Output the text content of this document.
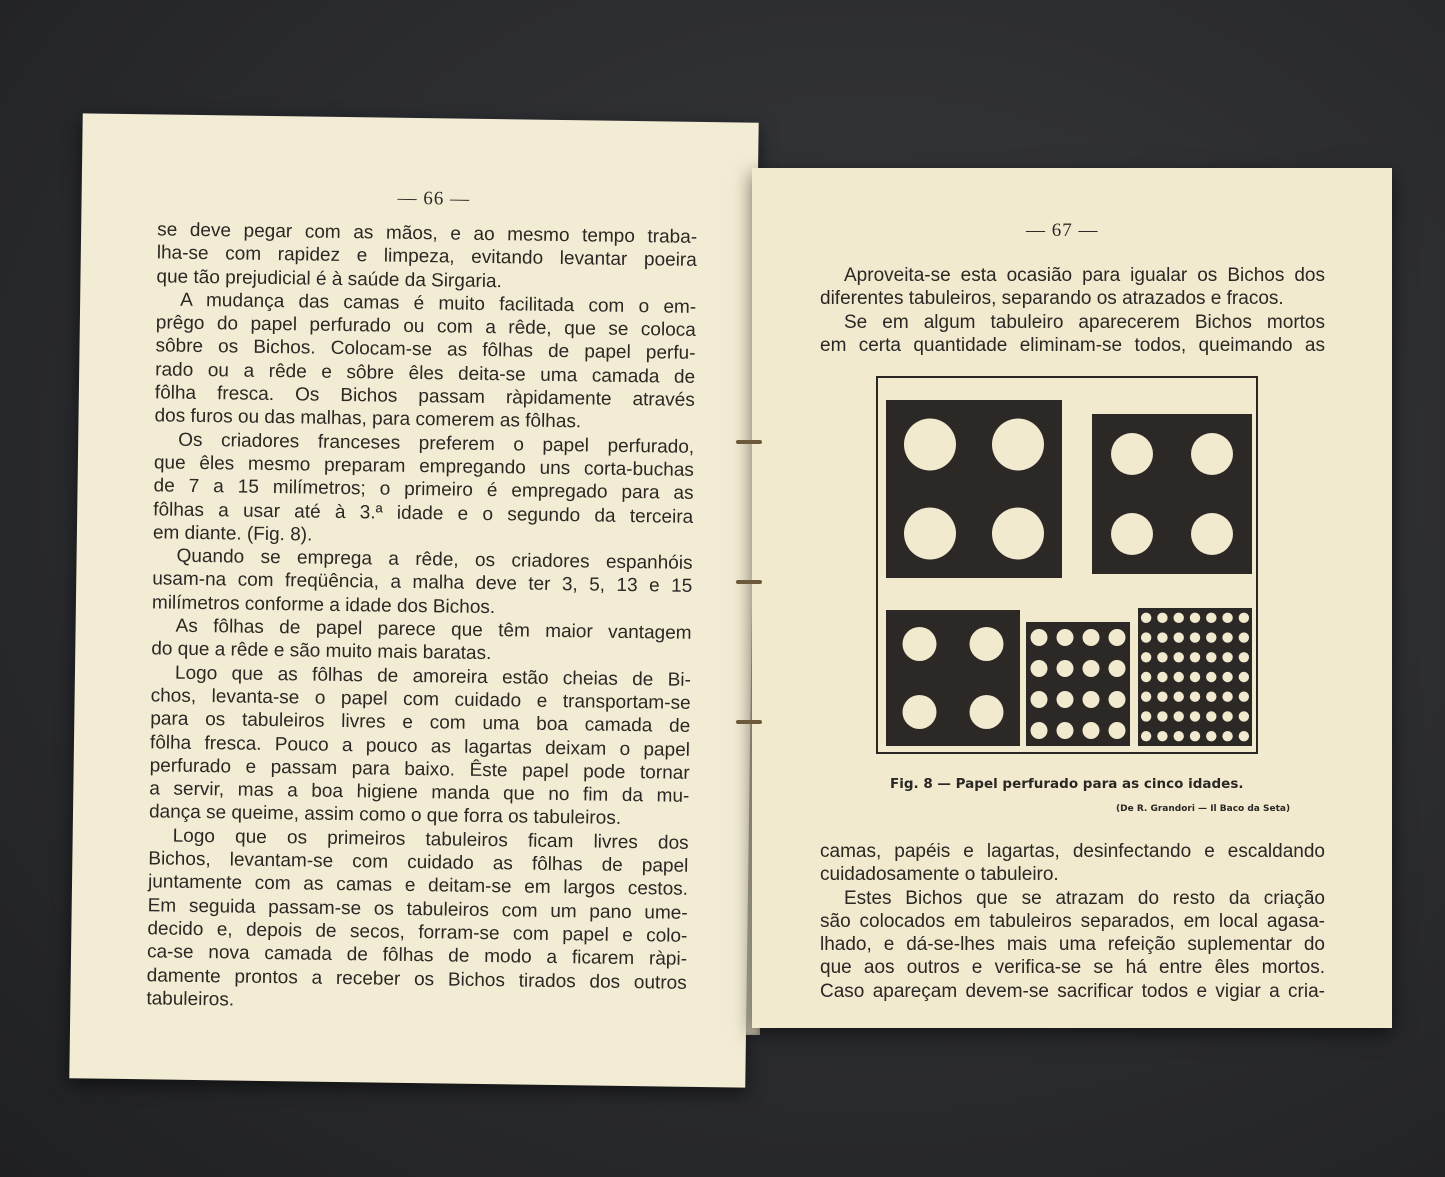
— 66 —
se deve pegar com as mãos, e ao mesmo tempo traba-
lha-se com rapidez e limpeza, evitando levantar poeira
que tão prejudicial é à saúde da Sirgaria.
A mudança das camas é muito facilitada com o em-
prêgo do papel perfurado ou com a rêde, que se coloca
sôbre os Bichos. Colocam-se as fôlhas de papel perfu-
rado ou a rêde e sôbre êles deita-se uma camada de
fôlha fresca. Os Bichos passam ràpidamente através
dos furos ou das malhas, para comerem as fôlhas.
Os criadores franceses preferem o papel perfurado,
que êles mesmo preparam empregando uns corta-buchas
de 7 a 15 milímetros; o primeiro é empregado para as
fôlhas a usar até à 3.ª idade e o segundo da terceira
em diante. (Fig. 8).
Quando se emprega a rêde, os criadores espanhóis
usam-na com freqüência, a malha deve ter 3, 5, 13 e 15
milímetros conforme a idade dos Bichos.
As fôlhas de papel parece que têm maior vantagem
do que a rêde e são muito mais baratas.
Logo que as fôlhas de amoreira estão cheias de Bi-
chos, levanta-se o papel com cuidado e transportam-se
para os tabuleiros livres e com uma boa camada de
fôlha fresca. Pouco a pouco as lagartas deixam o papel
perfurado e passam para baixo. Êste papel pode tornar
a servir, mas a boa higiene manda que no fim da mu-
dança se queime, assim como o que forra os tabuleiros.
Logo que os primeiros tabuleiros ficam livres dos
Bichos, levantam-se com cuidado as fôlhas de papel
juntamente com as camas e deitam-se em largos cestos.
Em seguida passam-se os tabuleiros com um pano ume-
decido e, depois de secos, forram-se com papel e colo-
ca-se nova camada de fôlhas de modo a ficarem ràpi-
damente prontos a receber os Bichos tirados dos outros
tabuleiros.
— 67 —
Aproveita-se esta ocasião para igualar os Bichos dos
diferentes tabuleiros, separando os atrazados e fracos.
Se em algum tabuleiro aparecerem Bichos mortos
em certa quantidade eliminam-se todos, queimando as
Fig. 8 — Papel perfurado para as cinco idades.
(De R. Grandori — Il Baco da Seta)
camas, papéis e lagartas, desinfectando e escaldando
cuidadosamente o tabuleiro.
Estes Bichos que se atrazam do resto da criação
são colocados em tabuleiros separados, em local agasa-
lhado, e dá-se-lhes mais uma refeição suplementar do
que aos outros e verifica-se se há entre êles mortos.
Caso apareçam devem-se sacrificar todos e vigiar a cria-
